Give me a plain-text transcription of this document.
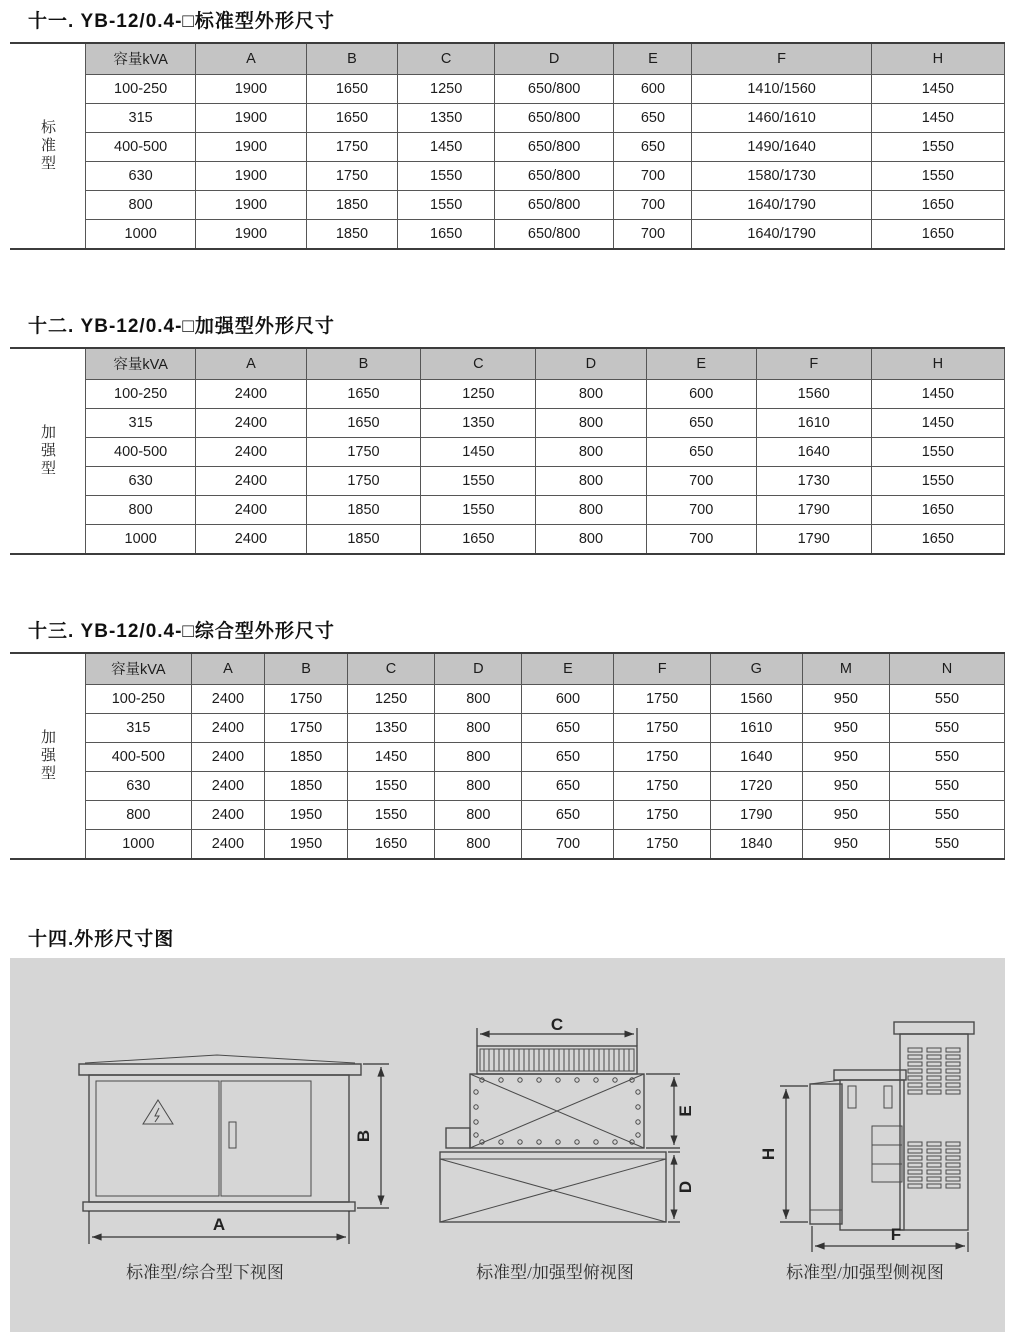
十一. YB-12/0.4-□标准型外形尺寸
标准型
容量kVA	A	B	C	D	E	F	H
100-250	1900	1650	1250	650/800	600	1410/1560	1450
315	1900	1650	1350	650/800	650	1460/1610	1450
400-500	1900	1750	1450	650/800	650	1490/1640	1550
630	1900	1750	1550	650/800	700	1580/1730	1550
800	1900	1850	1550	650/800	700	1640/1790	1650
1000	1900	1850	1650	650/800	700	1640/1790	1650
十二. YB-12/0.4-□加强型外形尺寸
加强型
容量kVA	A	B	C	D	E	F	H
100-250	2400	1650	1250	800	600	1560	1450
315	2400	1650	1350	800	650	1610	1450
400-500	2400	1750	1450	800	650	1640	1550
630	2400	1750	1550	800	700	1730	1550
800	2400	1850	1550	800	700	1790	1650
1000	2400	1850	1650	800	700	1790	1650
十三. YB-12/0.4-□综合型外形尺寸
加强型
容量kVA	A	B	C	D	E	F	G	M	N
100-250	2400	1750	1250	800	600	1750	1560	950	550
315	2400	1750	1350	800	650	1750	1610	950	550
400-500	2400	1850	1450	800	650	1750	1640	950	550
630	2400	1850	1550	800	650	1750	1720	950	550
800	2400	1950	1550	800	650	1750	1790	950	550
1000	2400	1950	1650	800	700	1750	1840	950	550
十四.外形尺寸图
A
B
C
E
D
H
F
标准型/综合型下视图	标准型/加强型俯视图	标准型/加强型侧视图
